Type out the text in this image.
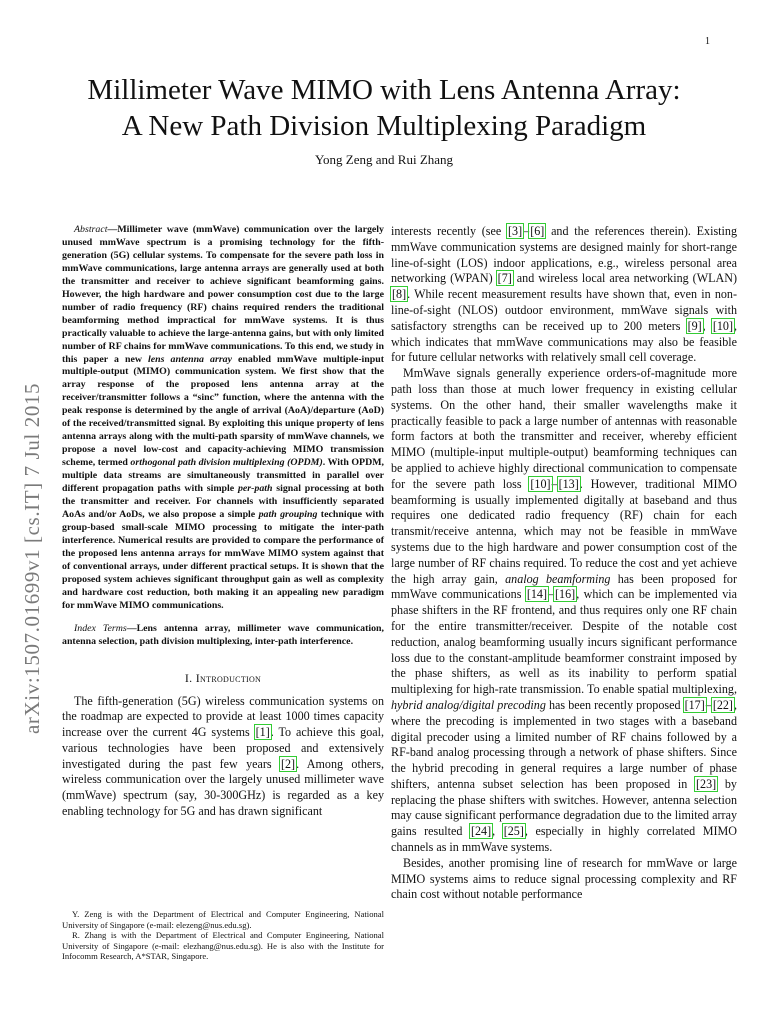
1
arXiv:1507.01699v1 [cs.IT] 7 Jul 2015
Millimeter Wave MIMO with Lens Antenna Array:
A New Path Division Multiplexing Paradigm
Yong Zeng and Rui Zhang

Abstract—Millimeter wave (mmWave) communication over the largely unused mmWave spectrum is a promising technology for the fifth-generation (5G) cellular systems. To compensate for the severe path loss in mmWave communications, large antenna arrays are generally used at both the transmitter and receiver to achieve significant beamforming gains. However, the high hardware and power consumption cost due to the large number of radio frequency (RF) chains required renders the traditional beamforming method impractical for mmWave systems. It is thus practically valuable to achieve the large-antenna gains, but with only limited number of RF chains for mmWave communications. To this end, we study in this paper a new lens antenna array enabled mmWave multiple-input multiple-output (MIMO) communication system. We first show that the array response of the proposed lens antenna array at the receiver/transmitter follows a “sinc” function, where the antenna with the peak response is determined by the angle of arrival (AoA)/departure (AoD) of the received/transmitted signal. By exploiting this unique property of lens antenna arrays along with the multi-path sparsity of mmWave channels, we propose a novel low-cost and capacity-achieving MIMO transmission scheme, termed orthogonal path division multiplexing (OPDM). With OPDM, multiple data streams are simultaneously transmitted in parallel over different propagation paths with simple per-path signal processing at both the transmitter and receiver. For channels with insufficiently separated AoAs and/or AoDs, we also propose a simple path grouping technique with group-based small-scale MIMO processing to mitigate the inter-path interference. Numerical results are provided to compare the performance of the proposed lens antenna arrays for mmWave MIMO system against that of conventional arrays, under different practical setups. It is shown that the proposed system achieves significant throughput gain as well as complexity and hardware cost reduction, both making it an appealing new paradigm for mmWave MIMO communications.

Index Terms—Lens antenna array, millimeter wave communication, antenna selection, path division multiplexing, inter-path interference.

I. Introduction

The fifth-generation (5G) wireless communication systems on the roadmap are expected to provide at least 1000 times capacity increase over the current 4G systems [1]. To achieve this goal, various technologies have been proposed and extensively investigated during the past few years [2]. Among others, wireless communication over the largely unused millimeter wave (mmWave) spectrum (say, 30-300GHz) is regarded as a key enabling technology for 5G and has drawn significant

Y. Zeng is with the Department of Electrical and Computer Engineering, National University of Singapore (e-mail: elezeng@nus.edu.sg).

R. Zhang is with the Department of Electrical and Computer Engineering, National University of Singapore (e-mail: elezhang@nus.edu.sg). He is also with the Institute for Infocomm Research, A*STAR, Singapore.

interests recently (see [3]–[6] and the references therein). Existing mmWave communication systems are designed mainly for short-range line-of-sight (LOS) indoor applications, e.g., wireless personal area networking (WPAN) [7] and wireless local area networking (WLAN) [8]. While recent measurement results have shown that, even in non-line-of-sight (NLOS) outdoor environment, mmWave signals with satisfactory strengths can be received up to 200 meters [9], [10], which indicates that mmWave communications may also be feasible for future cellular networks with relatively small cell coverage.

MmWave signals generally experience orders-of-magnitude more path loss than those at much lower frequency in existing cellular systems. On the other hand, their smaller wavelengths make it practically feasible to pack a large number of antennas with reasonable form factors at both the transmitter and receiver, whereby efficient MIMO (multiple-input multiple-output) beamforming techniques can be applied to achieve highly directional communication to compensate for the severe path loss [10]–[13]. However, traditional MIMO beamforming is usually implemented digitally at baseband and thus requires one dedicated radio frequency (RF) chain for each transmit/receive antenna, which may not be feasible in mmWave systems due to the high hardware and power consumption cost of the large number of RF chains required. To reduce the cost and yet achieve the high array gain, analog beamforming has been proposed for mmWave communications [14]–[16], which can be implemented via phase shifters in the RF frontend, and thus requires only one RF chain for the entire transmitter/receiver. Despite of the notable cost reduction, analog beamforming usually incurs significant performance loss due to the constant-amplitude beamformer constraint imposed by the phase shifters, as well as its inability to perform spatial multiplexing for high-rate transmission. To enable spatial multiplexing, hybrid analog/digital precoding has been recently proposed [17]–[22], where the precoding is implemented in two stages with a baseband digital precoder using a limited number of RF chains followed by a RF-band analog processing through a network of phase shifters. Since the hybrid precoding in general requires a large number of phase shifters, antenna subset selection has been proposed in [23] by replacing the phase shifters with switches. However, antenna selection may cause significant performance degradation due to the limited array gains resulted [24], [25], especially in highly correlated MIMO channels as in mmWave systems.

Besides, another promising line of research for mmWave or large MIMO systems aims to reduce signal processing complexity and RF chain cost without notable performance
